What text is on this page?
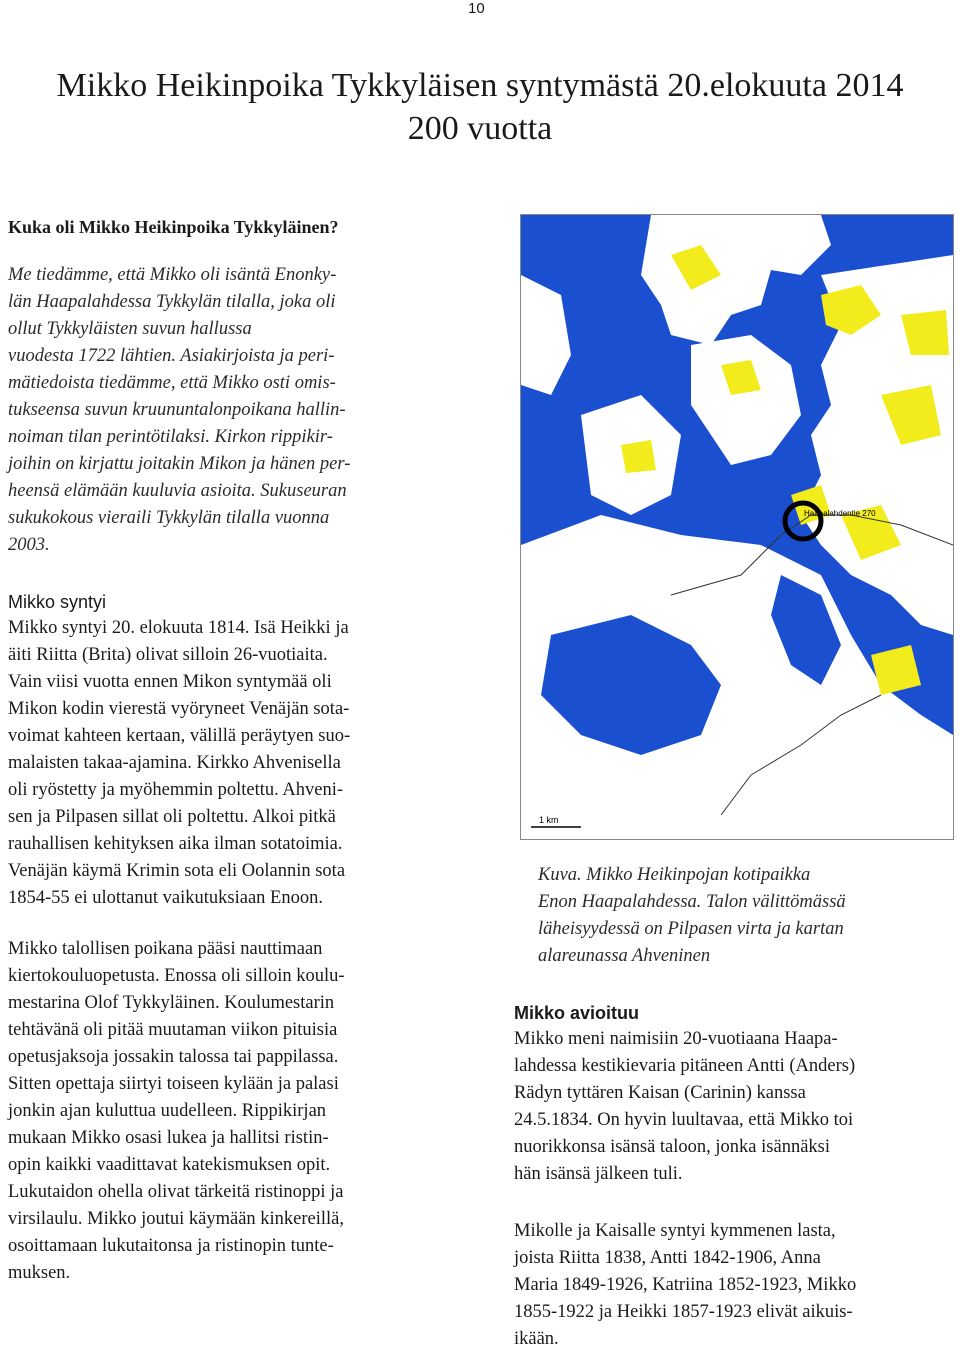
10
Mikko Heikinpoika Tykkyläisen syntymästä 20.elokuuta 2014
200 vuotta
Kuka oli Mikko Heikinpoika Tykkyläinen?

Me tiedämme, että Mikko oli isäntä Enonky-
län Haapalahdessa Tykkylän tilalla, joka oli
ollut Tykkyläisten suvun hallussa
vuodesta 1722 lähtien. Asiakirjoista ja peri-
mätiedoista tiedämme, että Mikko osti omis-
tukseensa suvun kruununtalonpoikana hallin-
noiman tilan perintötilaksi. Kirkon rippikir-
joihin on kirjattu joitakin Mikon ja hänen per-
heensä elämään kuuluvia asioita. Sukuseuran
sukukokous vieraili Tykkylän tilalla vuonna
2003.

Mikko syntyi

Mikko syntyi 20. elokuuta 1814. Isä Heikki ja
äiti Riitta (Brita) olivat silloin 26-vuotiaita.
Vain viisi vuotta ennen Mikon syntymää oli
Mikon kodin vierestä vyöryneet Venäjän sota-
voimat kahteen kertaan, välillä peräytyen suo-
malaisten takaa-ajamina. Kirkko Ahvenisella
oli ryöstetty ja myöhemmin poltettu. Ahveni-
sen ja Pilpasen sillat oli poltettu. Alkoi pitkä
rauhallisen kehityksen aika ilman sotatoimia.
Venäjän käymä Krimin sota eli Oolannin sota
1854-55 ei ulottanut vaikutuksiaan Enoon.

Mikko talollisen poikana pääsi nauttimaan
kiertokouluopetusta. Enossa oli silloin koulu-
mestarina Olof Tykkyläinen. Koulumestarin
tehtävänä oli pitää muutaman viikon pituisia
opetusjaksoja jossakin talossa tai pappilassa.
Sitten opettaja siirtyi toiseen kylään ja palasi
jonkin ajan kuluttua uudelleen. Rippikirjan
mukaan Mikko osasi lukea ja hallitsi ristin-
opin kaikki vaadittavat katekismuksen opit.
Lukutaidon ohella olivat tärkeitä ristinoppi ja
virsilaulu. Mikko joutui käymään kinkereillä,
osoittamaan lukutaitonsa ja ristinopin tunte-
muksen.

Haapalahdentie 270
1 km

Kuva. Mikko Heikinpojan kotipaikka
Enon Haapalahdessa. Talon välittömässä
läheisyydessä on Pilpasen virta ja kartan
alareunassa Ahveninen

Mikko avioituu

Mikko meni naimisiin 20-vuotiaana Haapa-
lahdessa kestikievaria pitäneen Antti (Anders)
Rädyn tyttären Kaisan (Carinin) kanssa
24.5.1834. On hyvin luultavaa, että Mikko toi
nuorikkonsa isänsä taloon, jonka isännäksi
hän isänsä jälkeen tuli.

Mikolle ja Kaisalle syntyi kymmenen lasta,
joista Riitta 1838, Antti 1842-1906, Anna
Maria 1849-1926, Katriina 1852-1923, Mikko
1855-1922 ja Heikki 1857-1923 elivät aikuis-
ikään.
